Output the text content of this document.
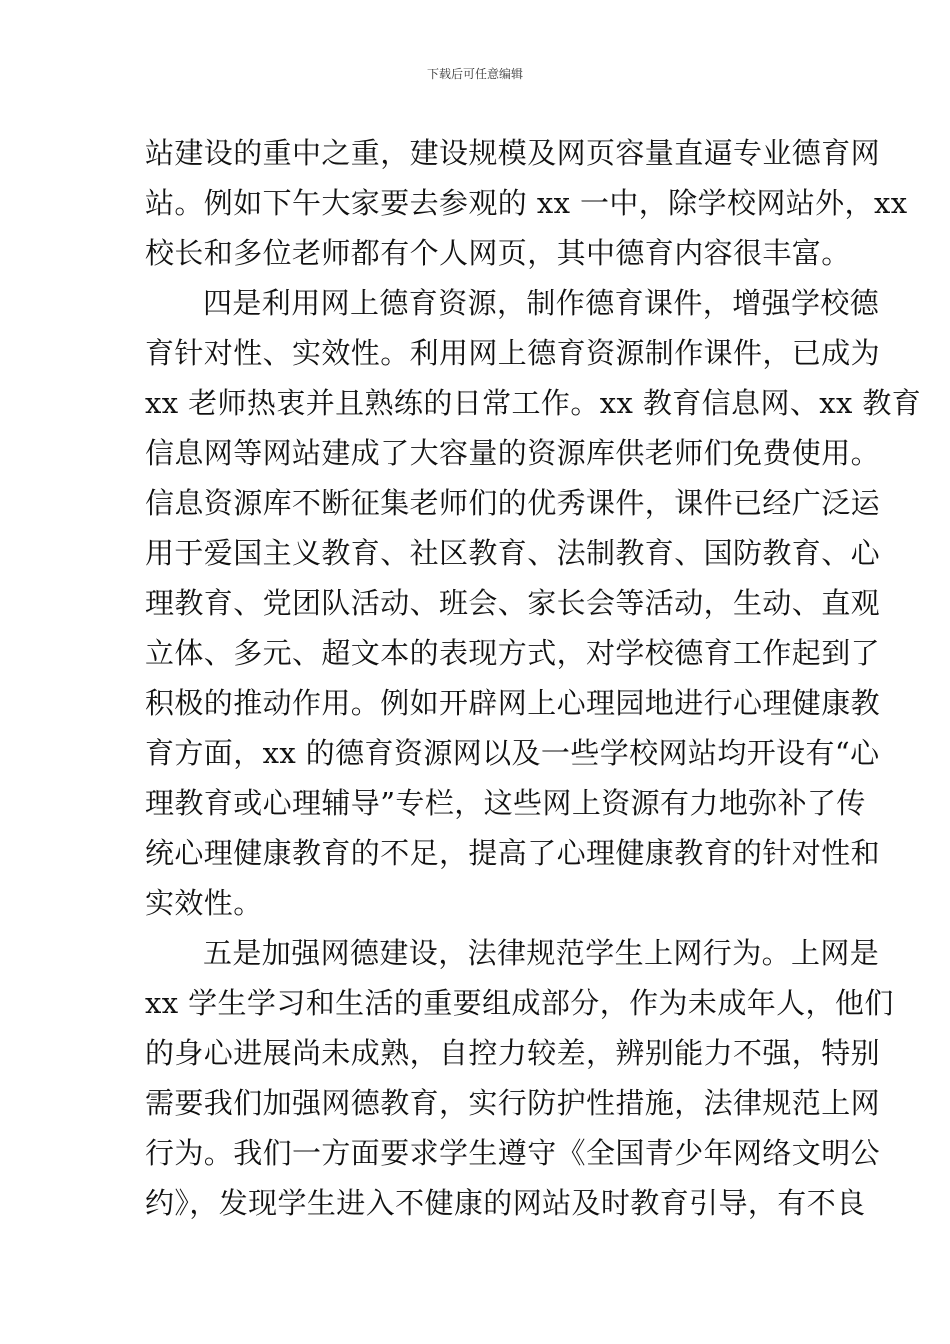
下载后可任意编辑
站建设的重中之重，建设规模及网页容量直逼专业德育网
站。例如下午大家要去参观的 xx 一中，除学校网站外，xx
校长和多位老师都有个人网页，其中德育内容很丰富。
四是利用网上德育资源，制作德育课件，增强学校德
育针对性、实效性。利用网上德育资源制作课件，已成为
xx 老师热衷并且熟练的日常工作。xx 教育信息网、xx 教育
信息网等网站建成了大容量的资源库供老师们免费使用。
信息资源库不断征集老师们的优秀课件，课件已经广泛运
用于爱国主义教育、社区教育、法制教育、国防教育、心
理教育、党团队活动、班会、家长会等活动，生动、直观
立体、多元、超文本的表现方式，对学校德育工作起到了
积极的推动作用。例如开辟网上心理园地进行心理健康教
育方面，xx 的德育资源网以及一些学校网站均开设有“心
理教育或心理辅导”专栏，这些网上资源有力地弥补了传
统心理健康教育的不足，提高了心理健康教育的针对性和
实效性。
五是加强网德建设，法律规范学生上网行为。上网是
xx 学生学习和生活的重要组成部分，作为未成年人，他们
的身心进展尚未成熟，自控力较差，辨别能力不强，特别
需要我们加强网德教育，实行防护性措施，法律规范上网
行为。我们一方面要求学生遵守《全国青少年网络文明公
约》，发现学生进入不健康的网站及时教育引导，有不良
